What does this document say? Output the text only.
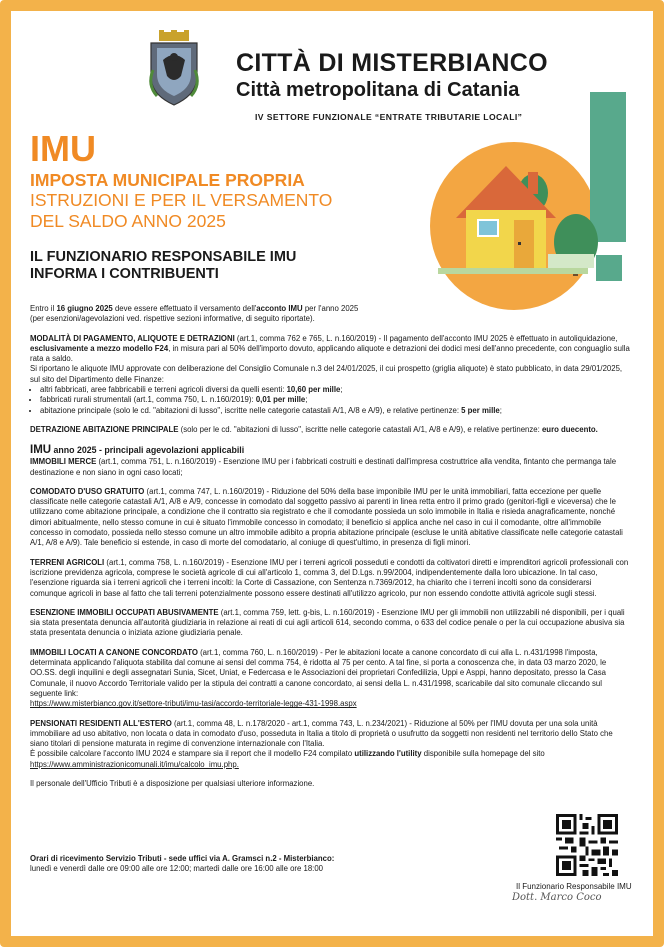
CITTÀ DI MISTERBIANCO
Città metropolitana di Catania
IV SETTORE FUNZIONALE “ENTRATE TRIBUTARIE LOCALI”
IMU
IMPOSTA MUNICIPALE PROPRIA
ISTRUZIONI E PER IL VERSAMENTO
DEL SALDO ANNO 2025
IL FUNZIONARIO RESPONSABILE IMU
INFORMA I CONTRIBUENTI

Entro il 16 giugno 2025 deve essere effettuato il versamento dell'acconto IMU per l'anno 2025
(per esenzioni/agevolazioni ved. rispettive sezioni informative, di seguito riportate).

MODALITÀ DI PAGAMENTO, ALIQUOTE E DETRAZIONI (art.1, comma 762 e 765, L. n.160/2019) - Il pagamento dell'acconto IMU 2025 è effettuato in autoliquidazione, esclusivamente a mezzo modello F24, in misura pari al 50% dell'importo dovuto, applicando aliquote e detrazioni dei dodici mesi dell'anno precedente, con conguaglio sulla rata a saldo.
Si riportano le aliquote IMU approvate con deliberazione del Consiglio Comunale n.3 del 24/01/2025, il cui prospetto (griglia aliquote) è stato pubblicato, in data 29/01/2025, sul sito del Dipartimento delle Finanze:

• altri fabbricati, aree fabbricabili e terreni agricoli diversi da quelli esenti: 10,60 per mille;
• fabbricati rurali strumentali (art.1, comma 750, L. n.160/2019): 0,01 per mille;
• abitazione principale (solo le cd. "abitazioni di lusso", iscritte nelle categorie catastali A/1, A/8 e A/9), e relative pertinenze: 5 per mille;

DETRAZIONE ABITAZIONE PRINCIPALE (solo per le cd. "abitazioni di lusso", iscritte nelle categorie catastali A/1, A/8 e A/9), e relative pertinenze: euro duecento.

IMU anno 2025 - principali agevolazioni applicabili

IMMOBILI MERCE (art.1, comma 751, L. n.160/2019) - Esenzione IMU per i fabbricati costruiti e destinati dall'impresa costruttrice alla vendita, fintanto che permanga tale destinazione e non siano in ogni caso locati;

COMODATO D'USO GRATUITO (art.1, comma 747, L. n.160/2019) - Riduzione del 50% della base imponibile IMU per le unità immobiliari, fatta eccezione per quelle classificate nelle categorie catastali A/1, A/8 e A/9, concesse in comodato dal soggetto passivo ai parenti in linea retta entro il primo grado (genitori-figli e viceversa) che le utilizzano come abitazione principale, a condizione che il contratto sia registrato e che il comodante possieda un solo immobile in Italia e risieda anagraficamente, nonché dimori abitualmente, nello stesso comune in cui è situato l'immobile concesso in comodato; il beneficio si applica anche nel caso in cui il comodante, oltre all'immobile concesso in comodato, possieda nello stesso comune un altro immobile adibito a propria abitazione principale (escluse le unità abitative classificate nelle categorie catastali A/1, A/8 e A/9). Tale beneficio si estende, in caso di morte del comodatario, al coniuge di quest'ultimo, in presenza di figli minori.

TERRENI AGRICOLI (art.1, comma 758, L. n.160/2019) - Esenzione IMU per i terreni agricoli posseduti e condotti da coltivatori diretti e imprenditori agricoli professionali con iscrizione previdenza agricola, comprese le società agricole di cui all'articolo 1, comma 3, del D.Lgs. n.99/2004, indipendentemente dalla loro ubicazione. In tal caso, l'esenzione riguarda sia i terreni agricoli che i terreni incolti: la Corte di Cassazione, con Sentenza n.7369/2012, ha chiarito che i terreni incolti sono da considerarsi comunque agricoli in base al fatto che tali terreni potenzialmente possono essere destinati all'utilizzo agricolo, pur non essendo condotte attività agricole sugli stessi.

ESENZIONE IMMOBILI OCCUPATI ABUSIVAMENTE (art.1, comma 759, lett. g-bis, L. n.160/2019) - Esenzione IMU per gli immobili non utilizzabili né disponibili, per i quali sia stata presentata denuncia all'autorità giudiziaria in relazione ai reati di cui agli articoli 614, secondo comma, o 633 del codice penale o per la cui occupazione abusiva sia stata presentata denuncia o iniziata azione giudiziaria penale.

IMMOBILI LOCATI A CANONE CONCORDATO (art.1, comma 760, L. n.160/2019) - Per le abitazioni locate a canone concordato di cui alla L. n.431/1998 l'imposta, determinata applicando l'aliquota stabilita dal comune ai sensi del comma 754, è ridotta al 75 per cento. A tal fine, si porta a conoscenza che, in data 03 marzo 2020, le OO.SS. degli inquilini e degli assegnatari Sunia, Sicet, Uniat, e Federcasa e le Associazioni dei proprietari Confedilizia, Uppi e Asppi, hanno depositato, presso la Casa Comunale, il nuovo Accordo Territoriale valido per la stipula dei contratti a canone concordato, ai sensi della L. n.431/1998, scaricabile dal sito comunale cliccando sul seguente link:
https://www.misterbianco.gov.it/settore-tributi/imu-tasi/accordo-territoriale-legge-431-1998.aspx

PENSIONATI RESIDENTI ALL'ESTERO (art.1, comma 48, L. n.178/2020 - art.1, comma 743, L. n.234/2021) - Riduzione al 50% per l'IMU dovuta per una sola unità immobiliare ad uso abitativo, non locata o data in comodato d'uso, posseduta in Italia a titolo di proprietà o usufrutto da soggetti non residenti nel territorio dello Stato che siano titolari di pensione maturata in regime di convenzione internazionale con l'Italia.
È possibile calcolare l'acconto IMU 2024 e stampare sia il report che il modello F24 compilato utilizzando l'utility disponibile sulla homepage del sito
https://www.amministrazionicomunali.it/imu/calcolo_imu.php.

Il personale dell'Ufficio Tributi è a disposizione per qualsiasi ulteriore informazione.

Orari di ricevimento Servizio Tributi - sede uffici via A. Gramsci n.2 - Misterbianco:
lunedì e venerdì dalle ore 09:00 alle ore 12:00; martedì dalle ore 16:00 alle ore 18:00
Il Funzionario Responsabile IMU
Dott. Marco Coco
